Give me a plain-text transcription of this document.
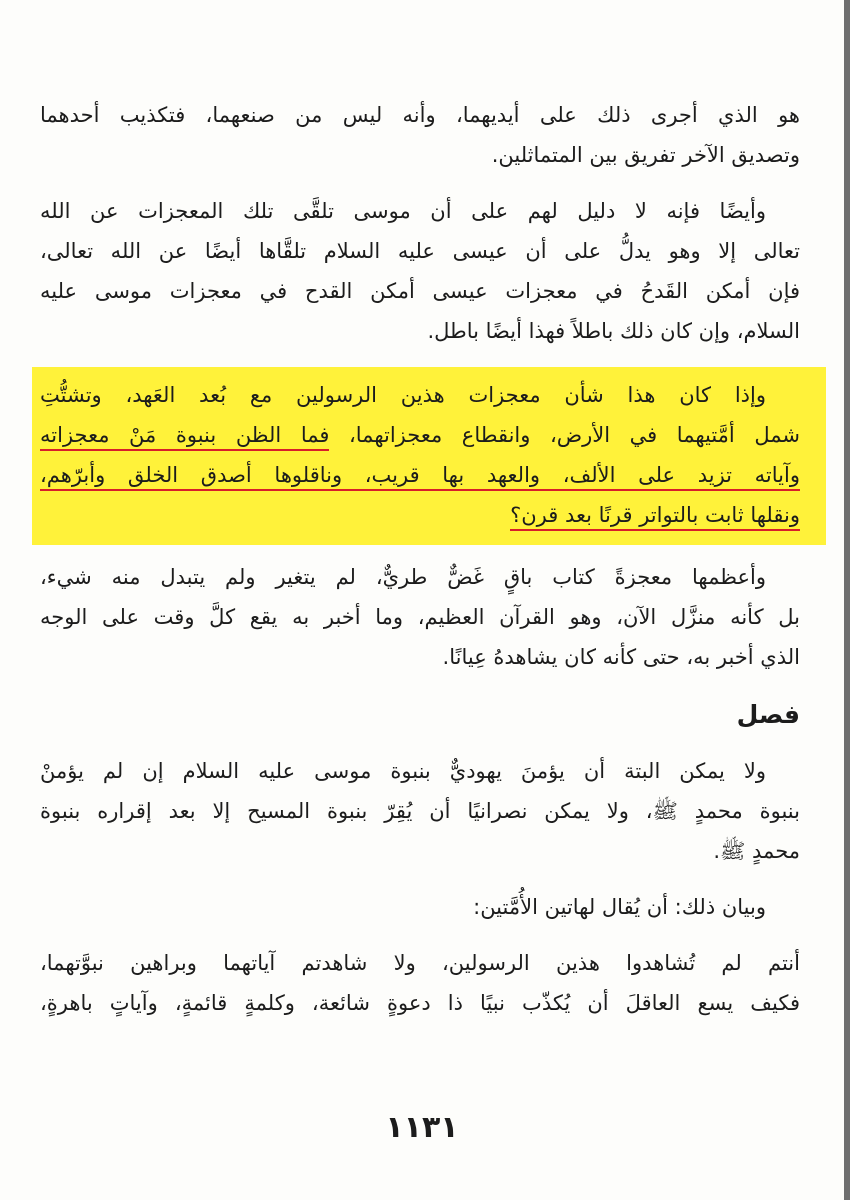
هو الذي أجرى ذلك على أيديهما، وأنه ليس من صنعهما، فتكذيب أحدهما
وتصديق الآخر تفريق بين المتماثلين.
وأيضًا فإنه لا دليل لهم على أن موسى تلقَّى تلك المعجزات عن الله
تعالى إلا وهو يدلُّ على أن عيسى عليه السلام تلقَّاها أيضًا عن الله تعالى،
فإن أمكن القَدحُ في معجزات عيسى أمكن القدح في معجزات موسى عليه
السلام، وإن كان ذلك باطلاً فهذا أيضًا باطل.
وإذا كان هذا شأن معجزات هذين الرسولين مع بُعد العَهد، وتشتُّتِ
شمل أمَّتيهما في الأرض، وانقطاع معجزاتهما، فما الظن بنبوة مَنْ معجزاته
وآياته تزيد على الألف، والعهد بها قريب، وناقلوها أصدق الخلق وأبرّهم،
ونقلها ثابت بالتواتر قرنًا بعد قرن؟
وأعظمها معجزةً كتاب باقٍ غَضٌّ طريٌّ، لم يتغير ولم يتبدل منه شيء،
بل كأنه منزَّل الآن، وهو القرآن العظيم، وما أخبر به يقع كلَّ وقت على الوجه
الذي أخبر به، حتى كأنه كان يشاهدهُ عِيانًا.
فصل
ولا يمكن البتة أن يؤمنَ يهوديٌّ بنبوة موسى عليه السلام إن لم يؤمنْ
بنبوة محمدٍ ﷺ، ولا يمكن نصرانيًا أن يُقِرّ بنبوة المسيح إلا بعد إقراره بنبوة
محمدٍ ﷺ.
وبيان ذلك: أن يُقال لهاتين الأُمَّتين:
أنتم لم تُشاهدوا هذين الرسولين، ولا شاهدتم آياتهما وبراهين نبوَّتهما،
فكيف يسع العاقلَ أن يُكذّب نبيًا ذا دعوةٍ شائعة، وكلمةٍ قائمةٍ، وآياتٍ باهرةٍ،
١١٣١
